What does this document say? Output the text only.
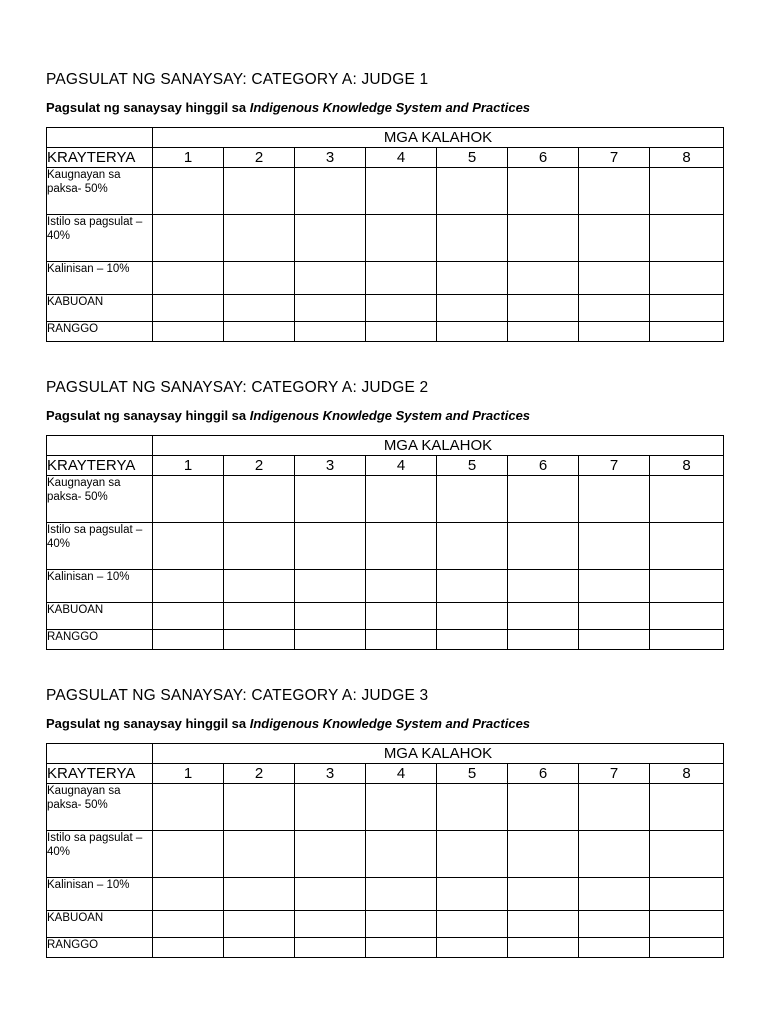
PAGSULAT NG SANAYSAY: CATEGORY A: JUDGE 1
Pagsulat ng sanaysay hinggil sa Indigenous Knowledge System and Practices
	MGA KALAHOK							
KRAYTERYA	1	2	3	4	5	6	7	8
Kaugnayan sa paksa- 50%								
Istilo sa pagsulat – 40%								
Kalinisan – 10%								
KABUOAN								
RANGGO								
PAGSULAT NG SANAYSAY: CATEGORY A: JUDGE 2
Pagsulat ng sanaysay hinggil sa Indigenous Knowledge System and Practices
	MGA KALAHOK							
KRAYTERYA	1	2	3	4	5	6	7	8
Kaugnayan sa paksa- 50%								
Istilo sa pagsulat – 40%								
Kalinisan – 10%								
KABUOAN								
RANGGO								
PAGSULAT NG SANAYSAY: CATEGORY A: JUDGE 3
Pagsulat ng sanaysay hinggil sa Indigenous Knowledge System and Practices
	MGA KALAHOK							
KRAYTERYA	1	2	3	4	5	6	7	8
Kaugnayan sa paksa- 50%								
Istilo sa pagsulat – 40%								
Kalinisan – 10%								
KABUOAN								
RANGGO								
